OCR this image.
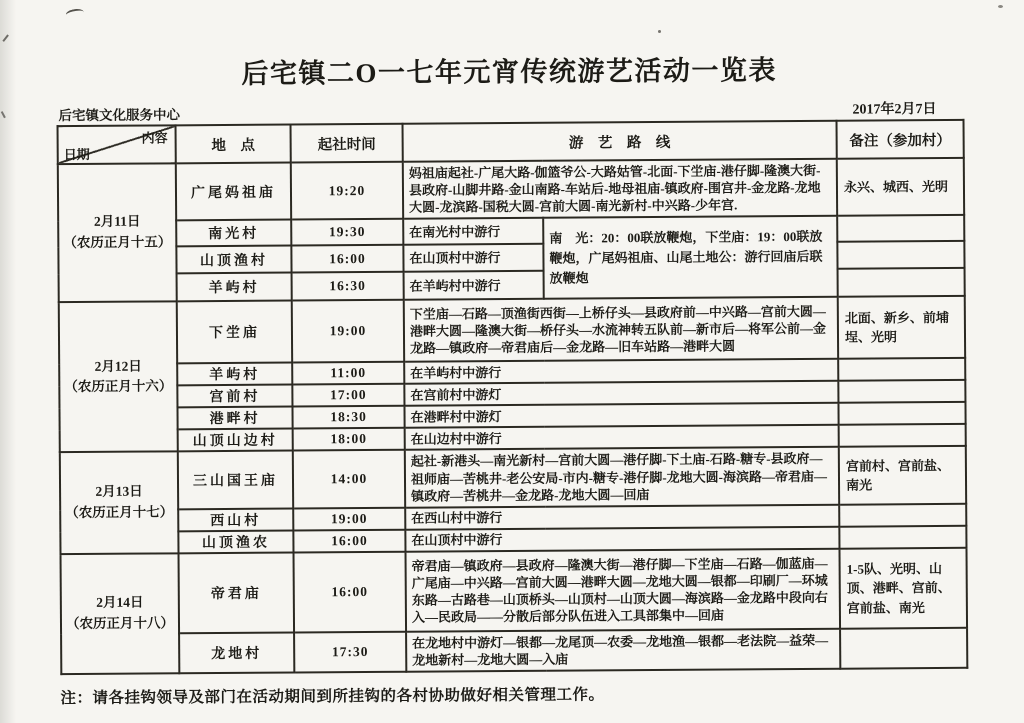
后宅镇二O一七年元宵传统游艺活动一览表
后宅镇文化服务中心	2017年2月7日
内容
日期	地　点	起社时间	游　艺　路　线		备注（参加村）

2月11日
（农历正月十五）	广尾妈祖庙	19:20	妈祖庙起社-广尾大路-伽篮爷公-大路姑管-北面-下坣庙-港仔脚-隆澳大街-县政府-山脚井路-金山南路-车站后-地母祖庙-镇政府-围宫井-金龙路-龙地大圆-龙滨路-国税大圆-宫前大圆-南光新村-中兴路-少年宫.		永兴、城西、光明
	南光村	19:30	在南光村中游行	南　光：20：00联放鞭炮，下坣庙：19：00联放鞭炮，广尾妈祖庙、山尾土地公：游行回庙后联放鞭炮	
	山顶渔村	16:00	在山顶村中游行		
	羊屿村	16:30	在羊屿村中游行		

2月12日
（农历正月十六）	下坣庙	19:00	下坣庙—石路—顶渔街西街—上桥仔头—县政府前—中兴路—宫前大圆—港畔大圆—隆澳大街—桥仔头—水流神转五队前—新市后—将军公前—金龙路—镇政府—帝君庙后—金龙路—旧车站路—港畔大圆		北面、新乡、前埔埕、光明
	羊屿村	11:00	在羊屿村中游行		
	宫前村	17:00	在宫前村中游灯		
	港畔村	18:30	在港畔村中游灯		
	山顶山边村	18:00	在山边村中游行		

2月13日
（农历正月十七）	三山国王庙	14:00	起社-新港头—南光新村—宫前大圆—港仔脚-下土庙-石路-糖专-县政府—祖师庙—苦桃井-老公安局-市内-糖专-港仔脚-龙地大圆-海滨路—帝君庙—镇政府—苦桃井—金龙路-龙地大圆—回庙		宫前村、宫前盐、南光
	西山村	19:00	在西山村中游行		
	山顶渔农	16:00	在山顶村中游行		

2月14日
（农历正月十八）	帝君庙	16:00	帝君庙—镇政府—县政府—隆澳大街—港仔脚—下坣庙—石路—伽蓝庙—广尾庙—中兴路—宫前大圆—港畔大圆—龙地大圆—银都—印刷厂—环城东路—古路巷—山顶桥头—山顶村—山顶大圆—海滨路—金龙路中段向右入—民政局——分散后部分队伍进入工具部集中—回庙		1-5队、光明、山顶、港畔、宫前、宫前盐、南光
	龙地村	17:30	在龙地村中游灯—银都—龙尾顶—农委—龙地渔—银都—老法院—益荣—龙地新村—龙地大圆—入庙		
注：请各挂钩领导及部门在活动期间到所挂钩的各村协助做好相关管理工作。
